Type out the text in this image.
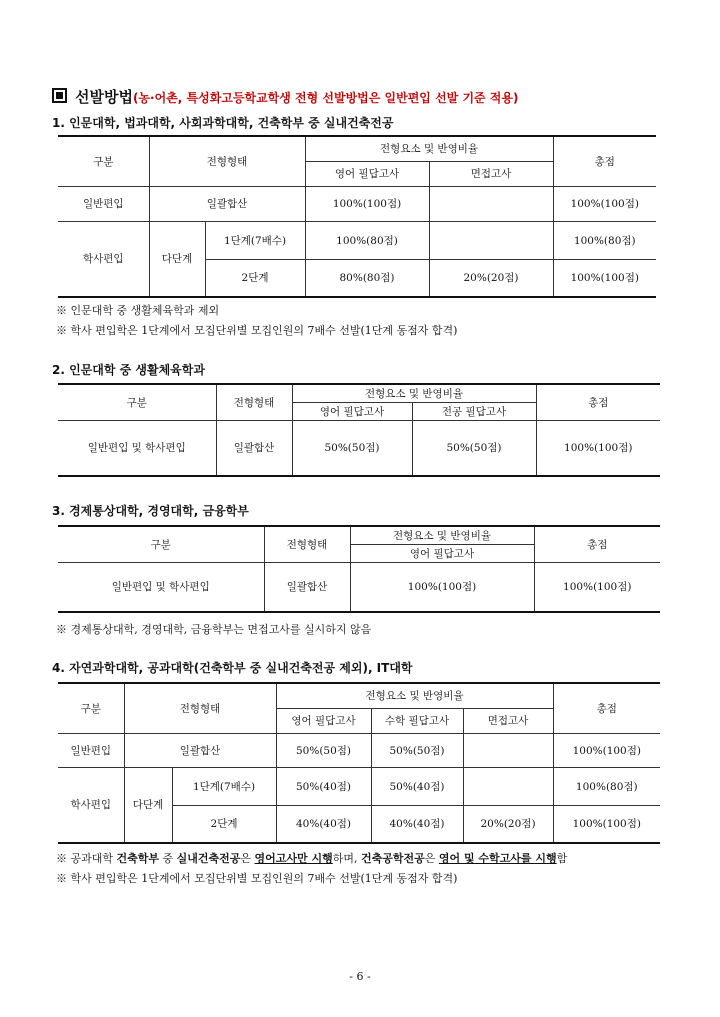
선발방법(농·어촌, 특성화고등학교학생 전형 선발방법은 일반편입 선발 기준 적용)
1. 인문대학, 법과대학, 사회과학대학, 건축학부 중 실내건축전공
구분	전형형태		전형요소 및 반영비율		총점
			영어 필답고사	면접고사	
일반편입	일괄합산		100%(100점)		100%(100점)
학사편입	다단계	1단계(7배수)	100%(80점)		100%(80점)
		2단계	80%(80점)	20%(20점)	100%(100점)
※ 인문대학 중 생활체육학과 제외
※ 학사 편입학은 1단계에서 모집단위별 모집인원의 7배수 선발(1단계 동점자 합격)
2. 인문대학 중 생활체육학과
구분	전형형태	전형요소 및 반영비율		총점
		영어 필답고사	전공 필답고사	
일반편입 및 학사편입	일괄합산	50%(50점)	50%(50점)	100%(100점)
3. 경제통상대학, 경영대학, 금융학부
구분	전형형태	전형요소 및 반영비율	총점
		영어 필답고사	
일반편입 및 학사편입	일괄합산	100%(100점)	100%(100점)
※ 경제통상대학, 경영대학, 금융학부는 면접고사를 실시하지 않음
4. 자연과학대학, 공과대학(건축학부 중 실내건축전공 제외), IT대학
구분	전형형태		전형요소 및 반영비율			총점
			영어 필답고사	수학 필답고사	면접고사	
일반편입	일괄합산		50%(50점)	50%(50점)		100%(100점)
학사편입	다단계	1단계(7배수)	50%(40점)	50%(40점)		100%(80점)
		2단계	40%(40점)	40%(40점)	20%(20점)	100%(100점)
※ 공과대학 건축학부 중 실내건축전공은 영어고사만 시행하며, 건축공학전공은 영어 및 수학고사를 시행함
※ 학사 편입학은 1단계에서 모집단위별 모집인원의 7배수 선발(1단계 동점자 합격)
- 6 -
